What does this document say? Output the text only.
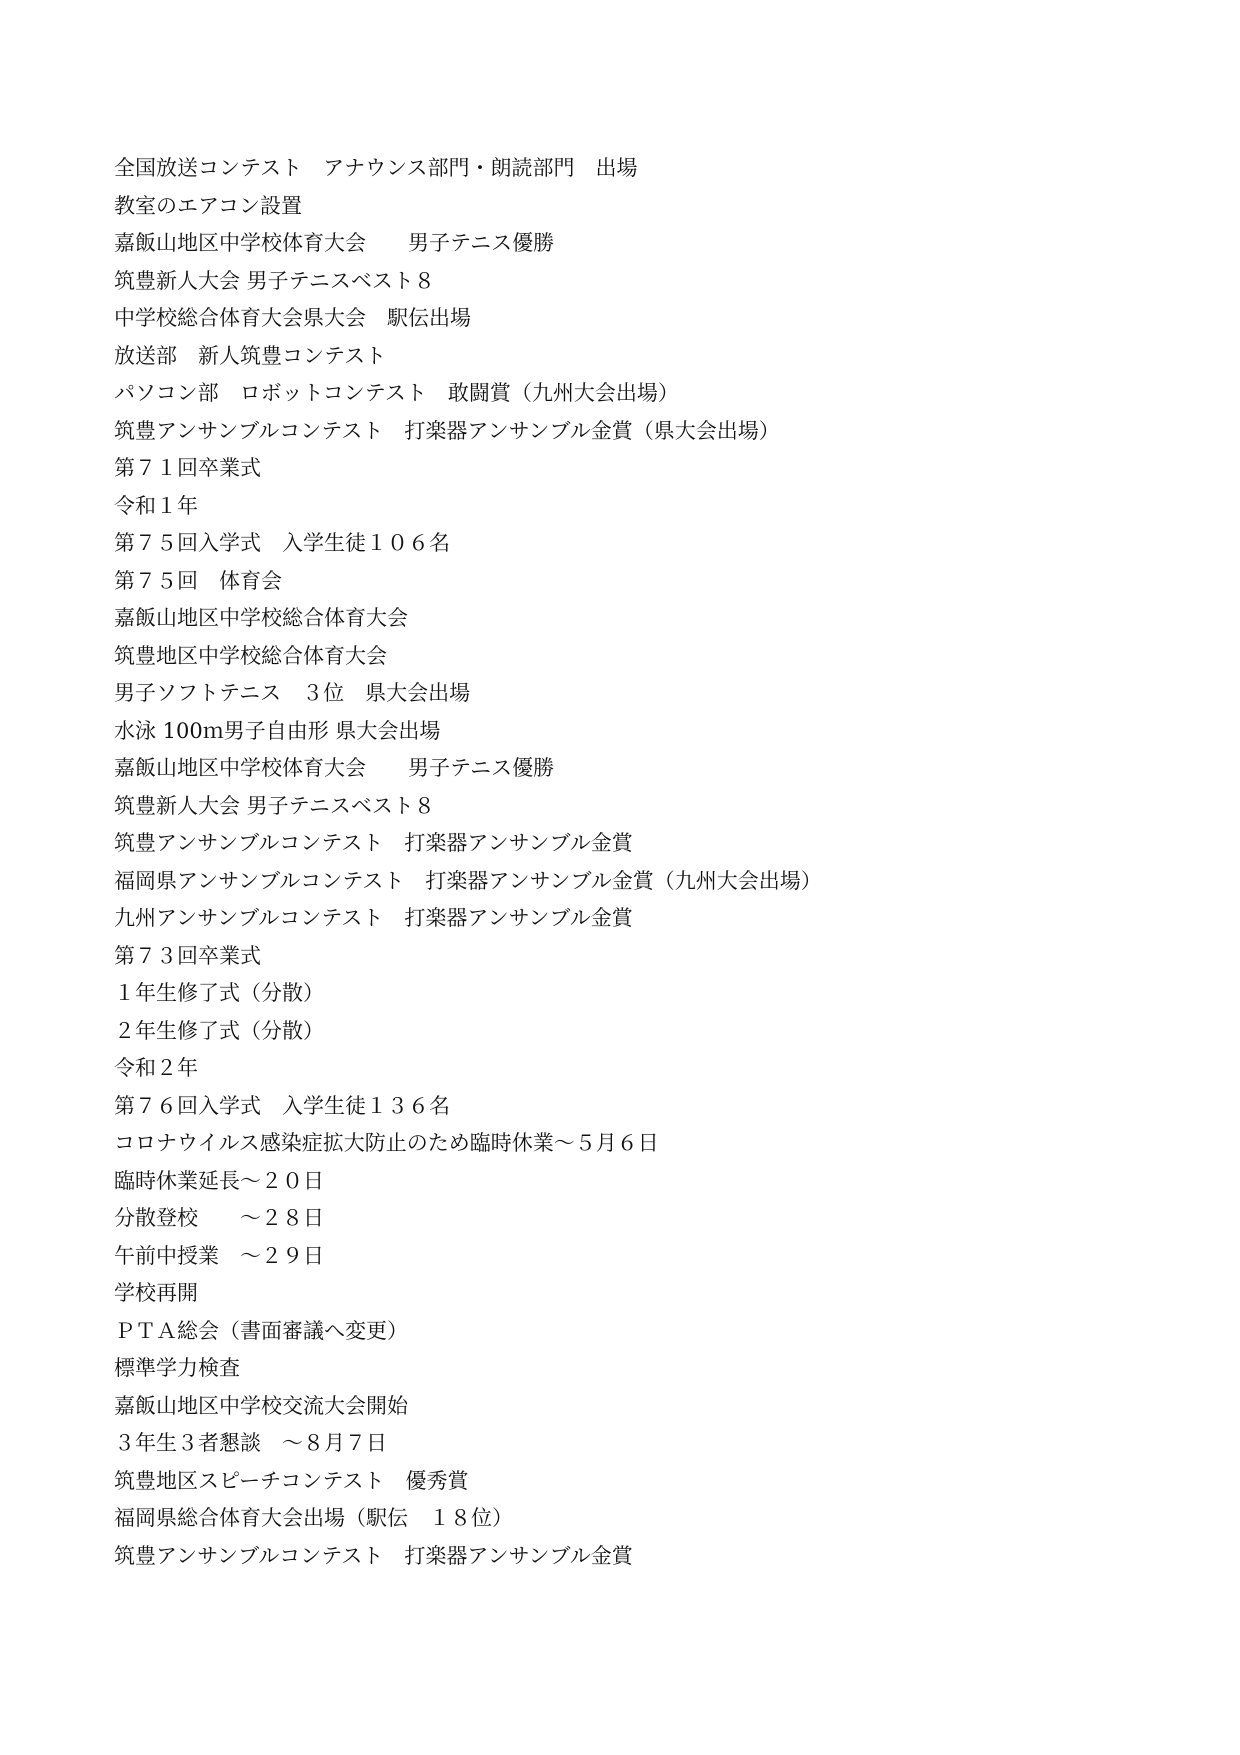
全国放送コンテスト　アナウンス部門・朗読部門　出場
教室のエアコン設置
嘉飯山地区中学校体育大会　　男子テニス優勝
筑豊新人大会 男子テニスベスト８
中学校総合体育大会県大会　駅伝出場
放送部　新人筑豊コンテスト
パソコン部　ロボットコンテスト　敢闘賞（九州大会出場）
筑豊アンサンブルコンテスト　打楽器アンサンブル金賞（県大会出場）
第７１回卒業式
令和１年
第７５回入学式　入学生徒１０６名
第７５回　体育会
嘉飯山地区中学校総合体育大会
筑豊地区中学校総合体育大会
男子ソフトテニス　３位　県大会出場
水泳 100ｍ男子自由形 県大会出場
嘉飯山地区中学校体育大会　　男子テニス優勝
筑豊新人大会 男子テニスベスト８
筑豊アンサンブルコンテスト　打楽器アンサンブル金賞
福岡県アンサンブルコンテスト　打楽器アンサンブル金賞（九州大会出場）
九州アンサンブルコンテスト　打楽器アンサンブル金賞
第７３回卒業式
１年生修了式（分散）
２年生修了式（分散）
令和２年
第７６回入学式　入学生徒１３６名
コロナウイルス感染症拡大防止のため臨時休業～５月６日
臨時休業延長～２０日
分散登校　　～２８日
午前中授業　～２９日
学校再開
ＰＴＡ総会（書面審議へ変更）
標準学力検査
嘉飯山地区中学校交流大会開始
３年生３者懇談　～８月７日
筑豊地区スピーチコンテスト　優秀賞
福岡県総合体育大会出場（駅伝　１８位）
筑豊アンサンブルコンテスト　打楽器アンサンブル金賞
